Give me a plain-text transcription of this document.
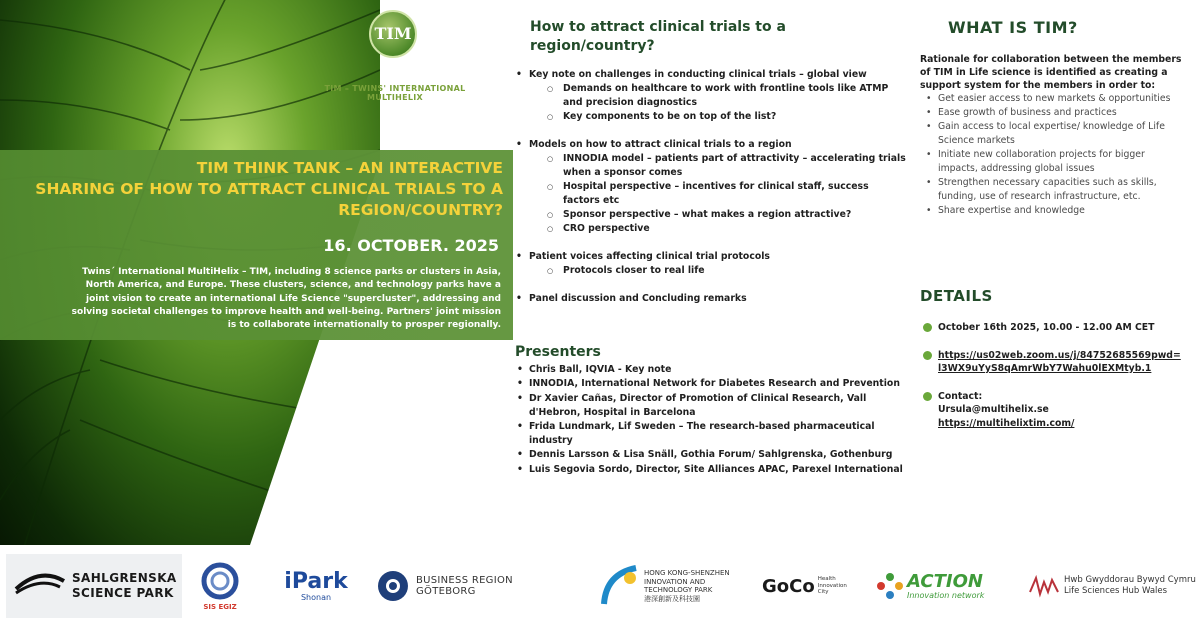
TIM
TIM – TWINS' INTERNATIONAL MULTIHELIX
TIM THINK TANK – AN INTERACTIVE
SHARING OF HOW TO ATTRACT CLINICAL TRIALS TO A
REGION/COUNTRY?
16. OCTOBER. 2025
Twins´ International MultiHelix – TIM, including 8 science parks or clusters in Asia, North America, and Europe. These clusters, science, and technology parks have a joint vision to create an international Life Science "supercluster", addressing and solving societal challenges to improve health and well-being. Partners' joint mission is to collaborate internationally to prosper regionally.
How to attract clinical trials to a region/country?
• Key note on challenges in conducting clinical trials – global view
○ Demands on healthcare to work with frontline tools like ATMP and precision diagnostics
○ Key components to be on top of the list?
• Models on how to attract clinical trials to a region
○ INNODIA model – patients part of attractivity – accelerating trials when a sponsor comes
○ Hospital perspective – incentives for clinical staff, success factors etc
○ Sponsor perspective – what makes a region attractive?
○ CRO perspective
• Patient voices affecting clinical trial protocols
○ Protocols closer to real life
• Panel discussion and Concluding remarks
Presenters
• Chris Ball, IQVIA - Key note
• INNODIA, International Network for Diabetes Research and Prevention
• Dr Xavier Cañas, Director of Promotion of Clinical Research, Vall d'Hebron, Hospital in Barcelona
• Frida Lundmark, Lif Sweden – The research-based pharmaceutical industry
• Dennis Larsson & Lisa Snäll, Gothia Forum/ Sahlgrenska, Gothenburg
• Luis Segovia Sordo, Director, Site Alliances APAC, Parexel International
WHAT IS TIM?
Rationale for collaboration between the members of TIM in Life science is identified as creating a support system for the members in order to:
• Get easier access to new markets & opportunities
• Ease growth of business and practices
• Gain access to local expertise/ knowledge of Life Science markets
• Initiate new collaboration projects for bigger impacts, addressing global issues
• Strengthen necessary capacities such as skills, funding, use of research infrastructure, etc.
• Share expertise and knowledge
DETAILS
October 16th 2025, 10.00 - 12.00 AM CET
https://us02web.zoom.us/j/84752685569pwd=l3WX9uYyS8qAmrWbY7Wahu0lEXMtyb.1
Contact:
Ursula@multihelix.se
https://multihelixtim.com/
SAHLGRENSKA
SCIENCE PARK
SIS EGIZ
iPark
Shonan
BUSINESS REGION GÖTEBORG
HONG KONG-SHENZHEN
INNOVATION AND
TECHNOLOGY PARK
港深創新及科技園
GoCo Health
Innovation
City
ACTION
Innovation network
Hwb Gwyddorau Bywyd Cymru
Life Sciences Hub Wales
